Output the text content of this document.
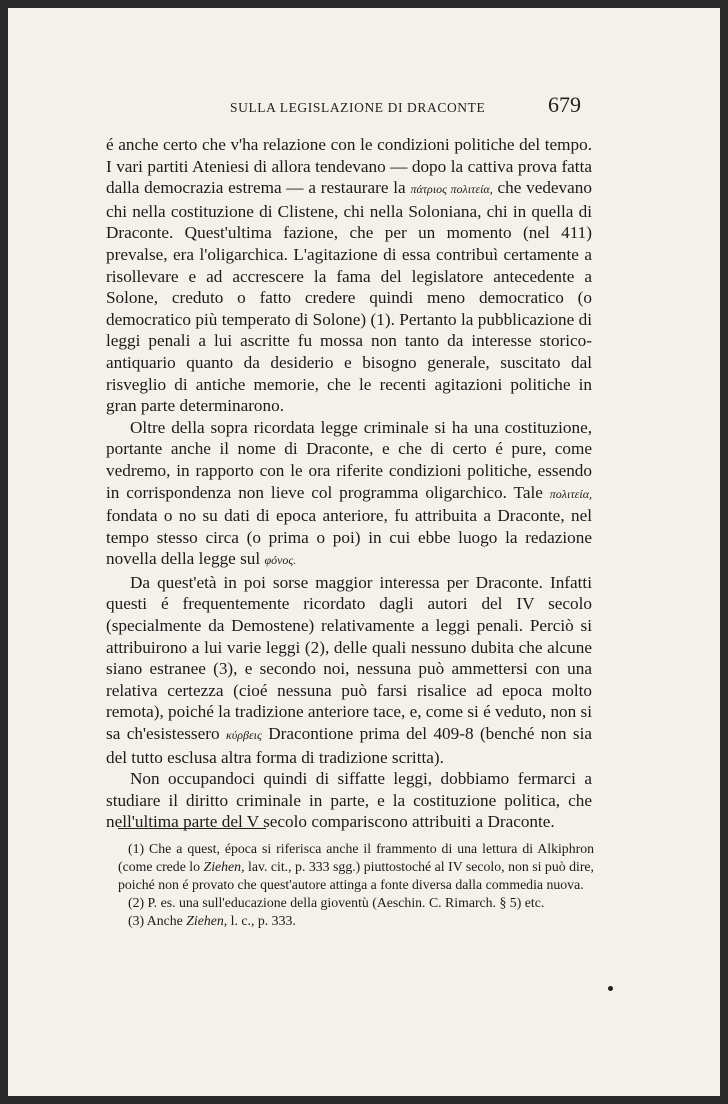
SULLA LEGISLAZIONE DI DRACONTE	679

é anche certo che v'ha relazione con le condizioni politiche del tempo. I vari partiti Ateniesi di allora tendevano — dopo la cattiva prova fatta dalla democrazia estrema — a restaurare la πάτριος πολιτεία, che vedevano chi nella costituzione di Clistene, chi nella Soloniana, chi in quella di Draconte. Quest'ultima fazione, che per un momento (nel 411) prevalse, era l'oligarchica. L'agitazione di essa contribuì certamente a risollevare e ad accrescere la fama del legislatore antecedente a Solone, creduto o fatto credere quindi meno democratico (o democratico più temperato di Solone) (1). Pertanto la pubblicazione di leggi penali a lui ascritte fu mossa non tanto da interesse storico-antiquario quanto da desiderio e bisogno generale, suscitato dal risveglio di antiche memorie, che le recenti agitazioni politiche in gran parte determinarono.

Oltre della sopra ricordata legge criminale si ha una costituzione, portante anche il nome di Draconte, e che di certo é pure, come vedremo, in rapporto con le ora riferite condizioni politiche, essendo in corrispondenza non lieve col programma oligarchico. Tale πολιτεία, fondata o no su dati di epoca anteriore, fu attribuita a Draconte, nel tempo stesso circa (o prima o poi) in cui ebbe luogo la redazione novella della legge sul φόνος.

Da quest'età in poi sorse maggior interessa per Draconte. Infatti questi é frequentemente ricordato dagli autori del IV secolo (specialmente da Demostene) relativamente a leggi penali. Perciò si attribuirono a lui varie leggi (2), delle quali nessuno dubita che alcune siano estranee (3), e secondo noi, nessuna può ammettersi con una relativa certezza (cioé nessuna può farsi risalice ad epoca molto remota), poiché la tradizione anteriore tace, e, come si é veduto, non si sa ch'esistessero κύρβεις Dracontione prima del 409-8 (benché non sia del tutto esclusa altra forma di tradizione scritta).

Non occupandoci quindi di siffatte leggi, dobbiamo fermarci a studiare il diritto criminale in parte, e la costituzione politica, che nell'ultima parte del V secolo compariscono attribuiti a Draconte.

(1) Che a quest, época si riferisca anche il frammento di una lettura di Alkiphron (come crede lo Ziehen, lav. cit., p. 333 sgg.) piuttostoché al IV secolo, non si può dire, poiché non é provato che quest'autore attinga a fonte diversa dalla commedia nuova.

(2) P. es. una sull'educazione della gioventù (Aeschin. C. Rimarch. § 5) etc.

(3) Anche Ziehen, l. c., p. 333.
